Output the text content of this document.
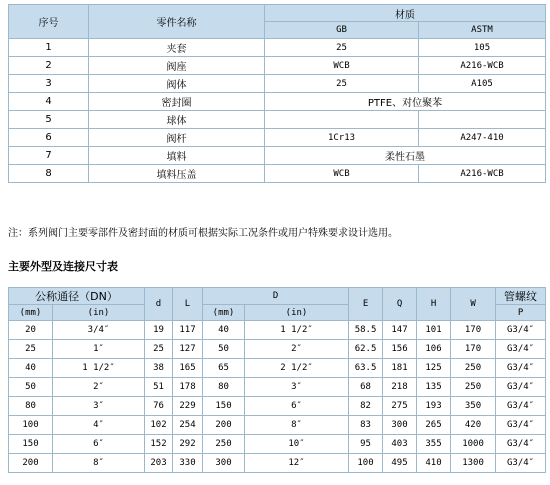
序号	零件名称	材质	
		GB	ASTM
1	夹套	25	105
2	阀座	WCB	A216-WCB
3	阀体	25	A105
4	密封圈	PTFE、对位聚苯	
5	球体		
6	阀杆	1Cr13	A247-410
7	填料	柔性石墨	
8	填料压盖	WCB	A216-WCB
注：系列阀门主要零部件及密封面的材质可根据实际工况条件或用户特殊要求设计选用。
主要外型及连接尺寸表
公称通径（DN）		d	L	D		E	Q	H	W	管螺纹
(mm)	(in)			(mm)	(in)					P
20	3/4″	19	117	40	1 1/2″	58.5	147	101	170	G3/4″
25	1″	25	127	50	2″	62.5	156	106	170	G3/4″
40	1 1/2″	38	165	65	2 1/2″	63.5	181	125	250	G3/4″
50	2″	51	178	80	3″	68	218	135	250	G3/4″
80	3″	76	229	150	6″	82	275	193	350	G3/4″
100	4″	102	254	200	8″	83	300	265	420	G3/4″
150	6″	152	292	250	10″	95	403	355	1000	G3/4″
200	8″	203	330	300	12″	100	495	410	1300	G3/4″
